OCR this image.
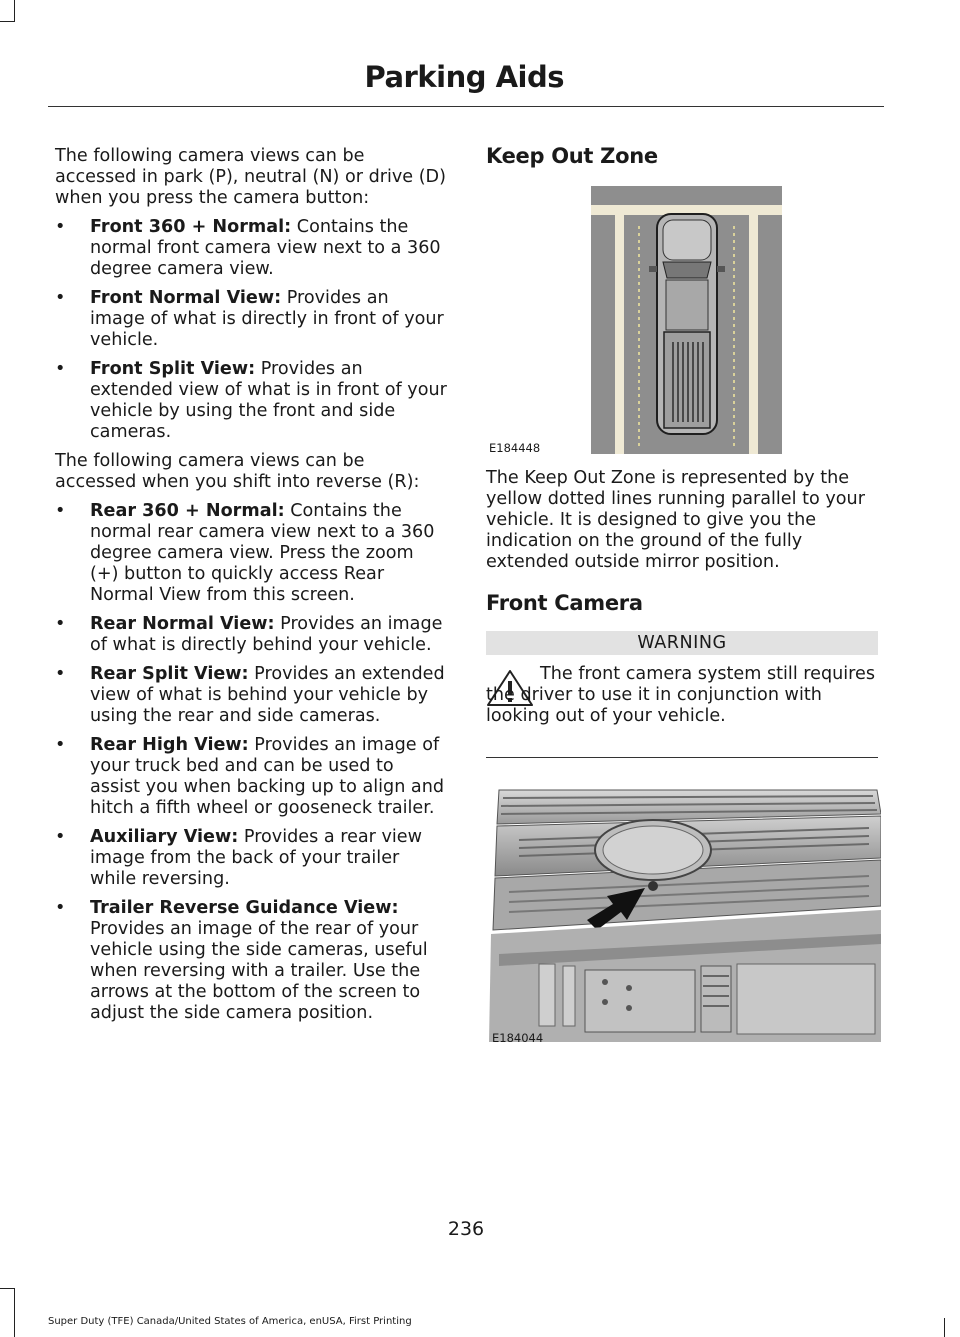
Parking Aids

The following camera views can be accessed in park (P), neutral (N) or drive (D) when you press the camera button:

• Front 360 + Normal: Contains the normal front camera view next to a 360 degree camera view.
• Front Normal View: Provides an image of what is directly in front of your vehicle.
• Front Split View: Provides an extended view of what is in front of your vehicle by using the front and side cameras.

The following camera views can be accessed when you shift into reverse (R):

• Rear 360 + Normal: Contains the normal rear camera view next to a 360 degree camera view. Press the zoom (+) button to quickly access Rear Normal View from this screen.
• Rear Normal View: Provides an image of what is directly behind your vehicle.
• Rear Split View: Provides an extended view of what is behind your vehicle by using the rear and side cameras.
• Rear High View: Provides an image of your truck bed and can be used to assist you when backing up to align and hitch a fifth wheel or gooseneck trailer.
• Auxiliary View: Provides a rear view image from the back of your trailer while reversing.
• Trailer Reverse Guidance View:
Provides an image of the rear of your vehicle using the side cameras, useful when reversing with a trailer. Use the arrows at the bottom of the screen to adjust the side camera position.
Keep Out Zone
E184448
The Keep Out Zone is represented by the yellow dotted lines running parallel to your vehicle. It is designed to give you the indication on the ground of the fully extended outside mirror position.
Front Camera
WARNING
The front camera system still requires the driver to use it in conjunction with looking out of your vehicle.
E184044
236
Super Duty (TFE) Canada/United States of America, enUSA, First Printing
